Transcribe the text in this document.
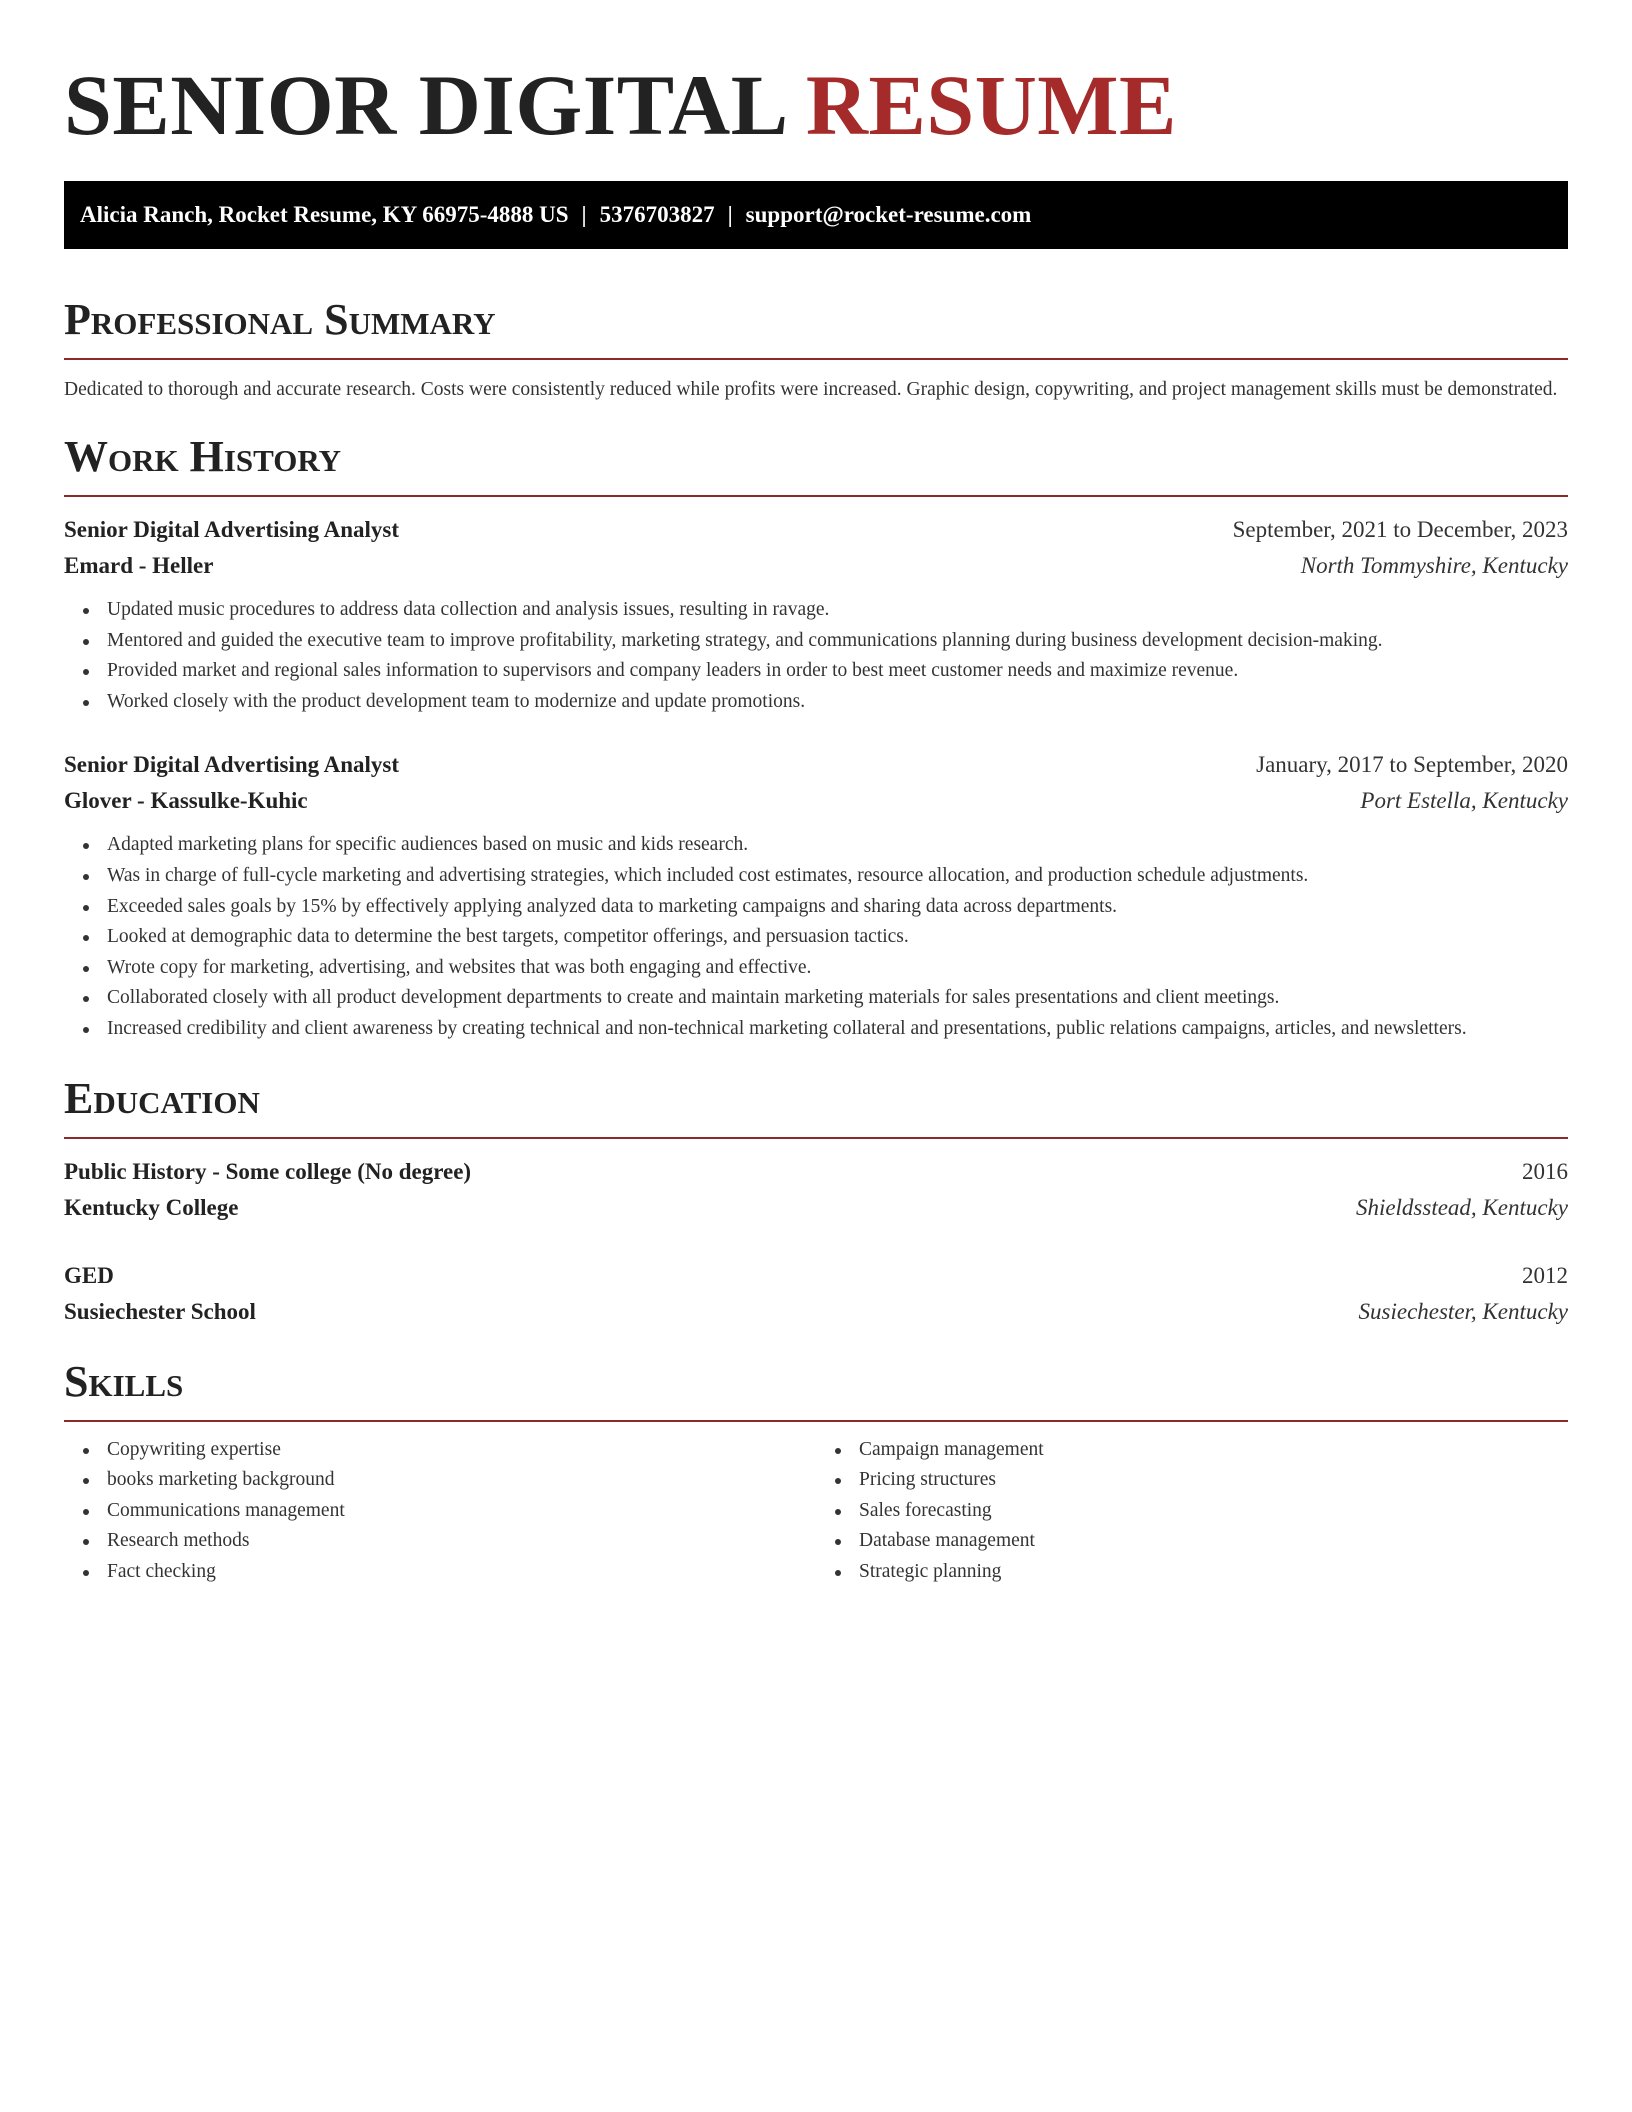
SENIOR DIGITAL RESUME
Alicia Ranch, Rocket Resume, KY 66975-4888 US | 5376703827 | support@rocket-resume.com
Professional Summary

Dedicated to thorough and accurate research. Costs were consistently reduced while profits were increased. Graphic design, copywriting, and project management skills must be demonstrated.

Work History
Senior Digital Advertising Analyst	September, 2021 to December, 2023
Emard - Heller	North Tommyshire, Kentucky
Updated music procedures to address data collection and analysis issues, resulting in ravage.
Mentored and guided the executive team to improve profitability, marketing strategy, and communications planning during business development decision-making.
Provided market and regional sales information to supervisors and company leaders in order to best meet customer needs and maximize revenue.
Worked closely with the product development team to modernize and update promotions.
Senior Digital Advertising Analyst	January, 2017 to September, 2020
Glover - Kassulke-Kuhic	Port Estella, Kentucky
Adapted marketing plans for specific audiences based on music and kids research.
Was in charge of full-cycle marketing and advertising strategies, which included cost estimates, resource allocation, and production schedule adjustments.
Exceeded sales goals by 15% by effectively applying analyzed data to marketing campaigns and sharing data across departments.
Looked at demographic data to determine the best targets, competitor offerings, and persuasion tactics.
Wrote copy for marketing, advertising, and websites that was both engaging and effective.
Collaborated closely with all product development departments to create and maintain marketing materials for sales presentations and client meetings.
Increased credibility and client awareness by creating technical and non-technical marketing collateral and presentations, public relations campaigns, articles, and newsletters.
Education
Public History - Some college (No degree)	2016
Kentucky College	Shieldsstead, Kentucky
GED	2012
Susiechester School	Susiechester, Kentucky
Skills
Copywriting expertise
books marketing background
Communications management
Research methods
Fact checking
Campaign management
Pricing structures
Sales forecasting
Database management
Strategic planning
